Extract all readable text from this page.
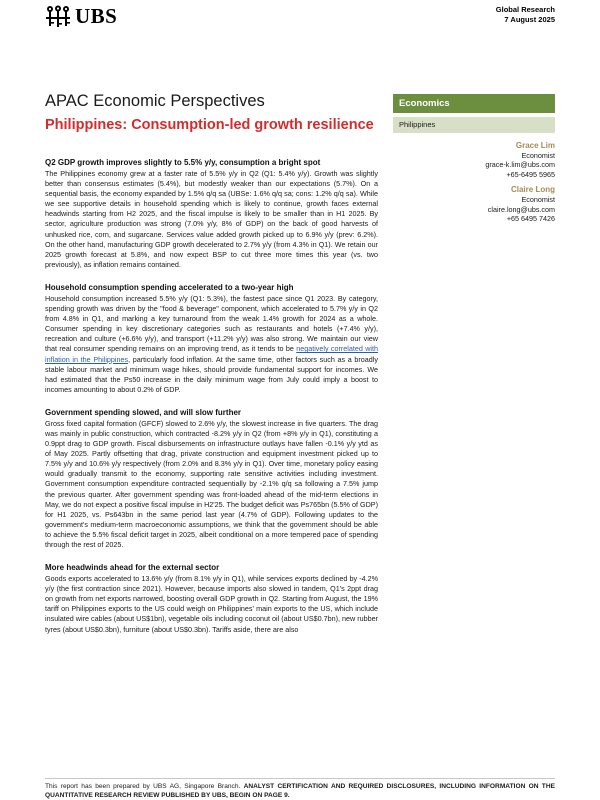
UBS	Global Research
7 August 2025
APAC Economic Perspectives
Philippines: Consumption-led growth resilience
Economics
Philippines
Grace Lim
Economist
grace-k.lim@ubs.com
+65-6495 5965
Claire Long
Economist
claire.long@ubs.com
+65 6495 7426
Q2 GDP growth improves slightly to 5.5% y/y, consumption a bright spot

The Philippines economy grew at a faster rate of 5.5% y/y in Q2 (Q1: 5.4% y/y). Growth was slightly better than consensus estimates (5.4%), but modestly weaker than our expectations (5.7%). On a sequential basis, the economy expanded by 1.5% q/q sa (UBSe: 1.6% q/q sa; cons: 1.2% q/q sa). While we see supportive details in household spending which is likely to continue, growth faces external headwinds starting from H2 2025, and the fiscal impulse is likely to be smaller than in H1 2025. By sector, agriculture production was strong (7.0% y/y, 8% of GDP) on the back of good harvests of unhusked rice, corn, and sugarcane. Services value added growth picked up to 6.9% y/y (prev: 6.2%). On the other hand, manufacturing GDP growth decelerated to 2.7% y/y (from 4.3% in Q1). We retain our 2025 growth forecast at 5.8%, and now expect BSP to cut three more times this year (vs. two previously), as inflation remains contained.

Household consumption spending accelerated to a two-year high

Household consumption increased 5.5% y/y (Q1: 5.3%), the fastest pace since Q1 2023. By category, spending growth was driven by the "food & beverage" component, which accelerated to 5.7% y/y in Q2 from 4.8% in Q1, and marking a key turnaround from the weak 1.4% growth for 2024 as a whole. Consumer spending in key discretionary categories such as restaurants and hotels (+7.4% y/y), recreation and culture (+6.6% y/y), and transport (+11.2% y/y) was also strong. We maintain our view that real consumer spending remains on an improving trend, as it tends to be negatively correlated with inflation in the Philippines, particularly food inflation. At the same time, other factors such as a broadly stable labour market and minimum wage hikes, should provide fundamental support for incomes. We had estimated that the Ps50 increase in the daily minimum wage from July could imply a boost to incomes amounting to about 0.2% of GDP.

Government spending slowed, and will slow further

Gross fixed capital formation (GFCF) slowed to 2.6% y/y, the slowest increase in five quarters. The drag was mainly in public construction, which contracted -8.2% y/y in Q2 (from +8% y/y in Q1), constituting a 0.9ppt drag to GDP growth. Fiscal disbursements on infrastructure outlays have fallen -0.1% y/y ytd as of May 2025. Partly offsetting that drag, private construction and equipment investment picked up to 7.5% y/y and 10.6% y/y respectively (from 2.0% and 8.3% y/y in Q1). Over time, monetary policy easing would gradually transmit to the economy, supporting rate sensitive activities including investment. Government consumption expenditure contracted sequentially by -2.1% q/q sa following a 7.5% jump the previous quarter. After government spending was front-loaded ahead of the mid-term elections in May, we do not expect a positive fiscal impulse in H2'25. The budget deficit was Ps765bn (5.5% of GDP) for H1 2025, vs. Ps643bn in the same period last year (4.7% of GDP). Following updates to the government's medium-term macroeconomic assumptions, we think that the government should be able to achieve the 5.5% fiscal deficit target in 2025, albeit conditional on a more tempered pace of spending through the rest of 2025.

More headwinds ahead for the external sector

Goods exports accelerated to 13.6% y/y (from 8.1% y/y in Q1), while services exports declined by -4.2% y/y (the first contraction since 2021). However, because imports also slowed in tandem, Q1's 2ppt drag on growth from net exports narrowed, boosting overall GDP growth in Q2. Starting from August, the 19% tariff on Philippines exports to the US could weigh on Philippines' main exports to the US, which include insulated wire cables (about US$1bn), vegetable oils including coconut oil (about US$0.7bn), new rubber tyres (about US$0.3bn), furniture (about US$0.3bn). Tariffs aside, there are also

This report has been prepared by UBS AG, Singapore Branch. ANALYST CERTIFICATION AND REQUIRED DISCLOSURES, INCLUDING INFORMATION ON THE QUANTITATIVE RESEARCH REVIEW PUBLISHED BY UBS, BEGIN ON PAGE 9.
